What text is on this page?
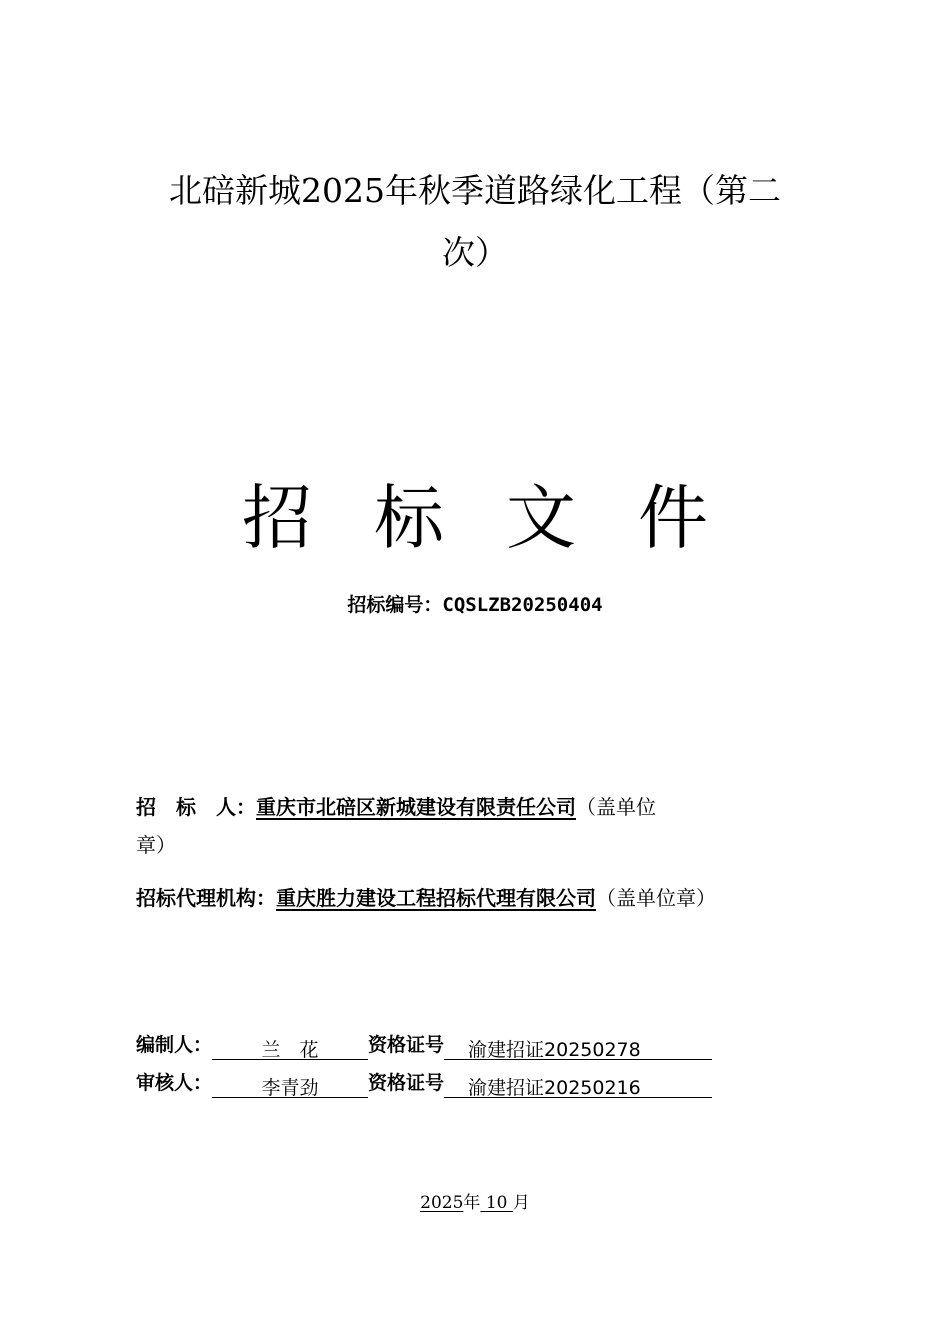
北碚新城2025年秋季道路绿化工程（第二
次）
招标文件
招标编号：CQSLZB20250404
招　标　人：重庆市北碚区新城建设有限责任公司（盖单位
章）
招标代理机构：重庆胜力建设工程招标代理有限公司（盖单位章）
编制人：	兰　花	资格证号 渝建招证20250278
审核人：	李青劲	资格证号 渝建招证20250216
2025年 10 月
